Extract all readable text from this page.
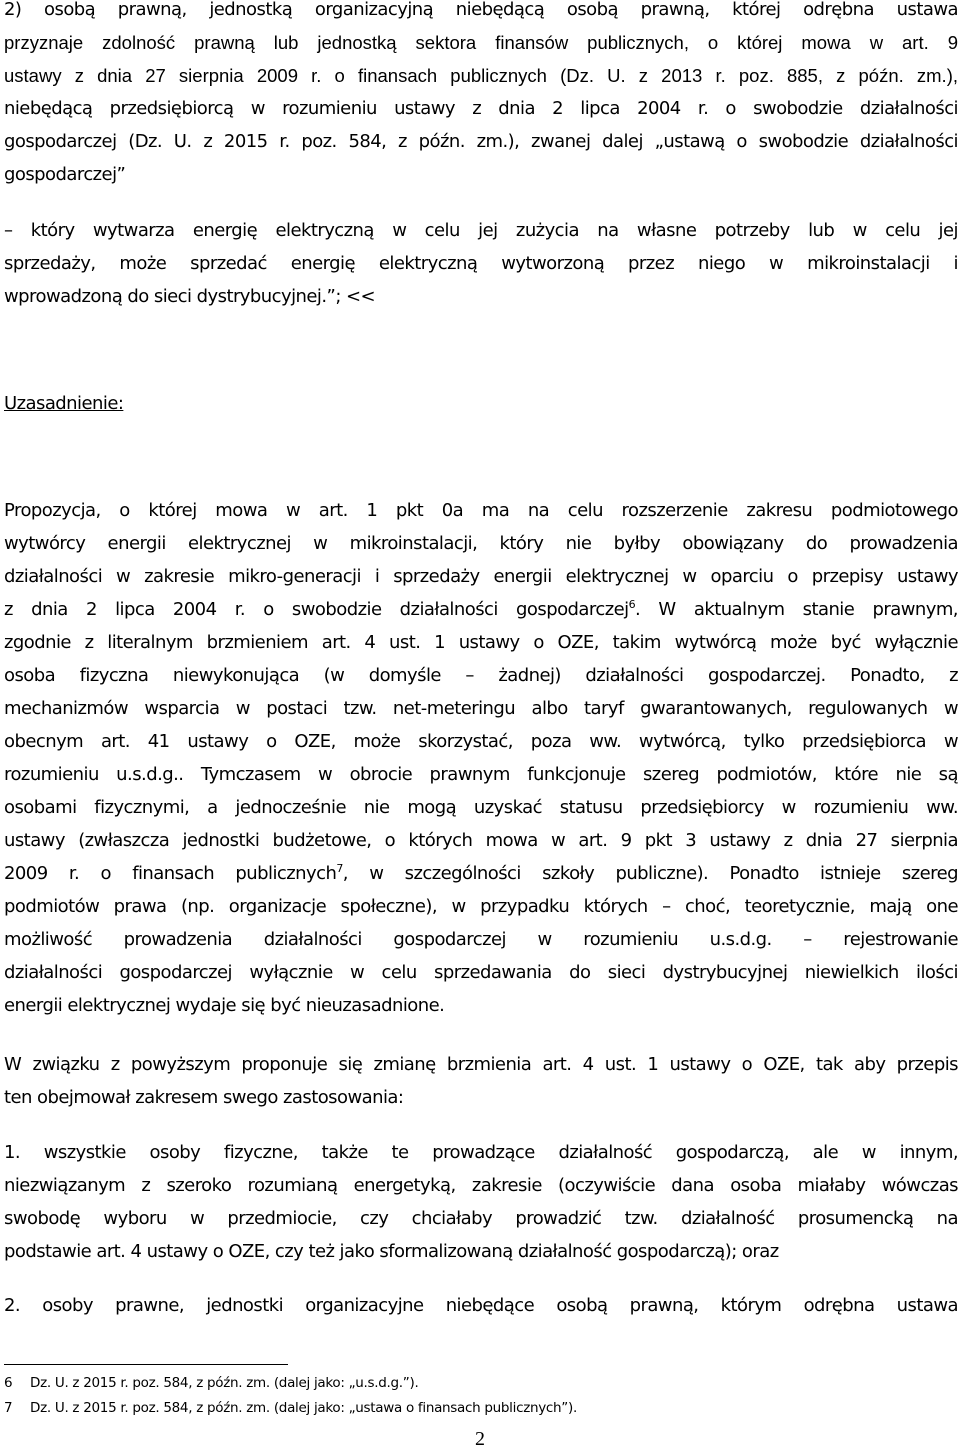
2) osobą prawną, jednostką organizacyjną niebędącą osobą prawną, której odrębna ustawa
przyznaje zdolność prawną lub jednostką sektora finansów publicznych, o której mowa w art. 9
ustawy z dnia 27 sierpnia 2009 r. o finansach publicznych (Dz. U. z 2013 r. poz. 885, z późn. zm.),
niebędącą przedsiębiorcą w rozumieniu ustawy z dnia 2 lipca 2004 r. o swobodzie działalności
gospodarczej (Dz. U. z 2015 r. poz. 584, z późn. zm.), zwanej dalej „ustawą o swobodzie działalności
gospodarczej”
– który wytwarza energię elektryczną w celu jej zużycia na własne potrzeby lub w celu jej
sprzedaży, może sprzedać energię elektryczną wytworzoną przez niego w mikroinstalacji i
wprowadzoną do sieci dystrybucyjnej.”; <<
Uzasadnienie:
Propozycja, o której mowa w art. 1 pkt 0a ma na celu rozszerzenie zakresu podmiotowego
wytwórcy energii elektrycznej w mikroinstalacji, który nie byłby obowiązany do prowadzenia
działalności w zakresie mikro-generacji i sprzedaży energii elektrycznej w oparciu o przepisy ustawy
z dnia 2 lipca 2004 r. o swobodzie działalności gospodarczej$^6$. W aktualnym stanie prawnym,
zgodnie z literalnym brzmieniem art. 4 ust. 1 ustawy o OZE, takim wytwórcą może być wyłącznie
osoba fizyczna niewykonująca (w domyśle – żadnej) działalności gospodarczej. Ponadto, z
mechanizmów wsparcia w postaci tzw. net-meteringu albo taryf gwarantowanych, regulowanych w
obecnym art. 41 ustawy o OZE, może skorzystać, poza ww. wytwórcą, tylko przedsiębiorca w
rozumieniu u.s.d.g.. Tymczasem w obrocie prawnym funkcjonuje szereg podmiotów, które nie są
osobami fizycznymi, a jednocześnie nie mogą uzyskać statusu przedsiębiorcy w rozumieniu ww.
ustawy (zwłaszcza jednostki budżetowe, o których mowa w art. 9 pkt 3 ustawy z dnia 27 sierpnia
2009 r. o finansach publicznych$^7$, w szczególności szkoły publiczne). Ponadto istnieje szereg
podmiotów prawa (np. organizacje społeczne), w przypadku których – choć, teoretycznie, mają one
możliwość prowadzenia działalności gospodarczej w rozumieniu u.s.d.g. – rejestrowanie
działalności gospodarczej wyłącznie w celu sprzedawania do sieci dystrybucyjnej niewielkich ilości
energii elektrycznej wydaje się być nieuzasadnione.
W związku z powyższym proponuje się zmianę brzmienia art. 4 ust. 1 ustawy o OZE, tak aby przepis
ten obejmował zakresem swego zastosowania:
1. wszystkie osoby fizyczne, także te prowadzące działalność gospodarczą, ale w innym,
niezwiązanym z szeroko rozumianą energetyką, zakresie (oczywiście dana osoba miałaby wówczas
swobodę wyboru w przedmiocie, czy chciałaby prowadzić tzw. działalność prosumencką na
podstawie art. 4 ustawy o OZE, czy też jako sformalizowaną działalność gospodarczą); oraz
2. osoby prawne, jednostki organizacyjne niebędące osobą prawną, którym odrębna ustawa
6 Dz. U. z 2015 r. poz. 584, z późn. zm. (dalej jako: „u.s.d.g.”).
7 Dz. U. z 2015 r. poz. 584, z późn. zm. (dalej jako: „ustawa o finansach publicznych”).
2
